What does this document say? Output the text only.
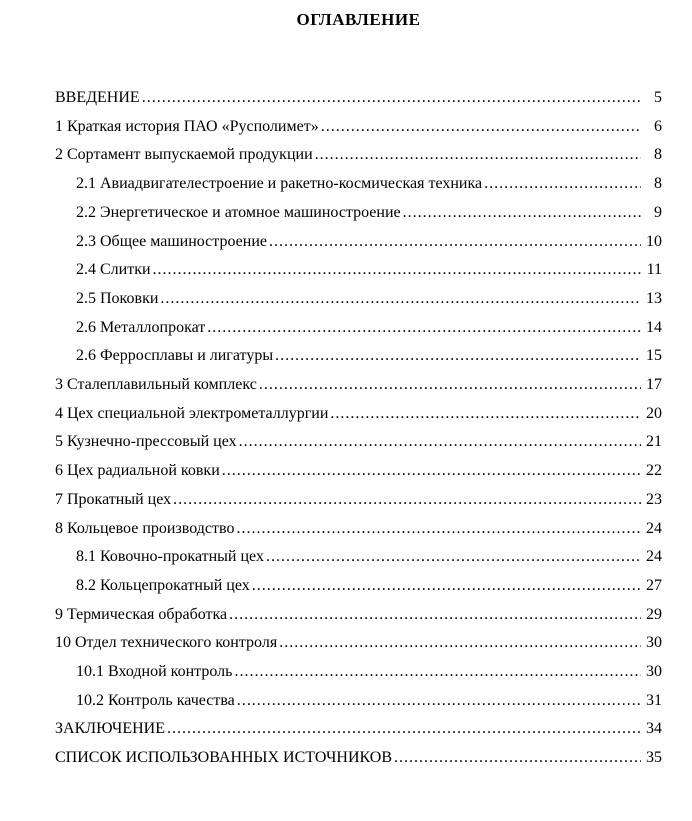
ОГЛАВЛЕНИЕ
ВВЕДЕНИЕ .....	5
1 Краткая история ПАО «Русполимет» .....	6
2 Сортамент выпускаемой продукции .....	8
2.1 Авиадвигателестроение и ракетно-космическая техника .....	8
2.2 Энергетическое и атомное машиностроение .....	9
2.3 Общее машиностроение .....	10
2.4 Слитки .....	11
2.5 Поковки .....	13
2.6 Металлопрокат .....	14
2.6 Ферросплавы и лигатуры .....	15
3 Сталеплавильный комплекс .....	17
4 Цех специальной электрометаллургии .....	20
5 Кузнечно-прессовый цех .....	21
6 Цех радиальной ковки .....	22
7 Прокатный цех .....	23
8 Кольцевое производство .....	24
8.1 Ковочно-прокатный цех .....	24
8.2 Кольцепрокатный цех .....	27
9 Термическая обработка .....	29
10 Отдел технического контроля .....	30
10.1 Входной контроль .....	30
10.2 Контроль качества .....	31
ЗАКЛЮЧЕНИЕ .....	34
СПИСОК ИСПОЛЬЗОВАННЫХ ИСТОЧНИКОВ .....	35
